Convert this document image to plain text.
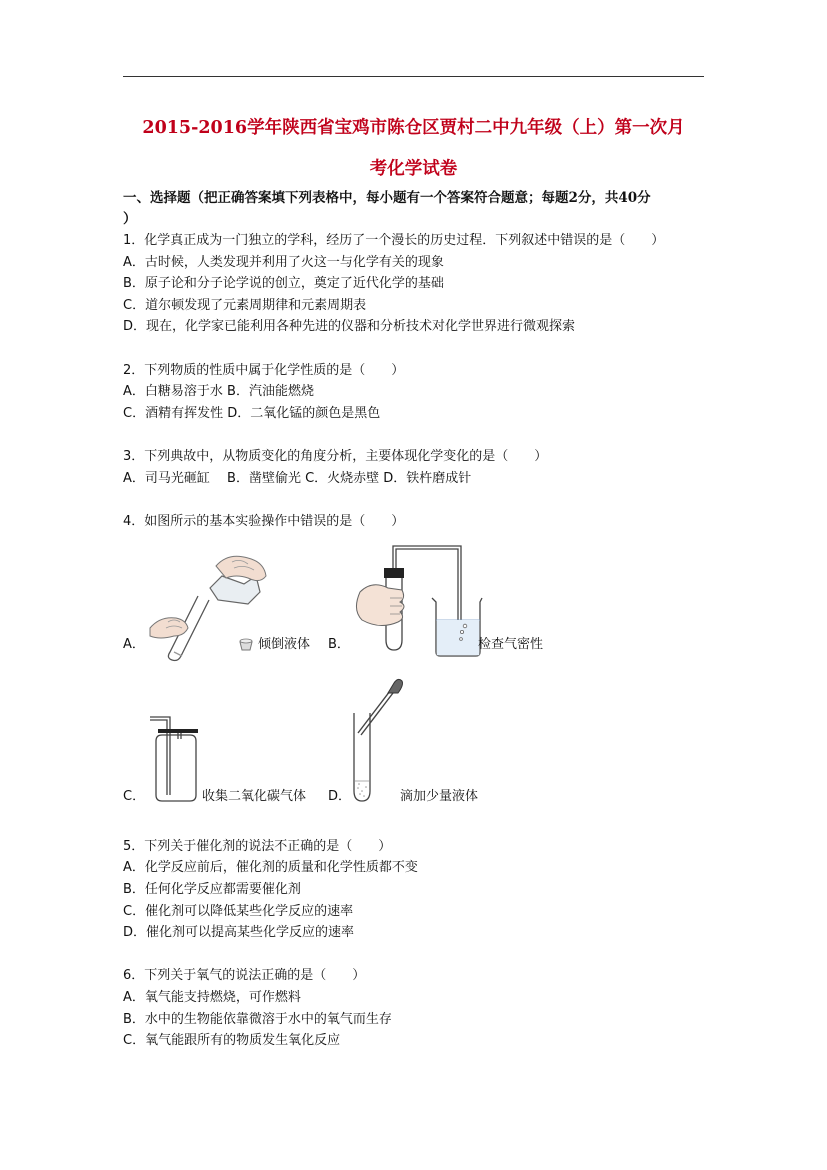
2015-2016学年陕西省宝鸡市陈仓区贾村二中九年级（上）第一次月
考化学试卷
一、选择题（把正确答案填下列表格中，每小题有一个答案符合题意；每题2分，共40分
）
1．化学真正成为一门独立的学科，经历了一个漫长的历史过程．下列叙述中错误的是（　　）
A．古时候，人类发现并利用了火这一与化学有关的现象
B．原子论和分子论学说的创立，奠定了近代化学的基础
C．道尔顿发现了元素周期律和元素周期表
D．现在，化学家已能利用各种先进的仪器和分析技术对化学世界进行微观探索
2．下列物质的性质中属于化学性质的是（　　）
A．白糖易溶于水 B．汽油能燃烧
C．酒精有挥发性 D．二氧化锰的颜色是黑色
3．下列典故中，从物质变化的角度分析，主要体现化学变化的是（　　）
A．司马光砸缸　 B．凿壁偷光 C．火烧赤壁 D．铁杵磨成针
4．如图所示的基本实验操作中错误的是（　　）
A．	倾倒液体 B．	检查气密性
C．	收集二氧化碳气体 D．	滴加少量液体
5．下列关于催化剂的说法不正确的是（　　）
A．化学反应前后，催化剂的质量和化学性质都不变
B．任何化学反应都需要催化剂
C．催化剂可以降低某些化学反应的速率
D．催化剂可以提高某些化学反应的速率
6．下列关于氧气的说法正确的是（　　）
A．氧气能支持燃烧，可作燃料
B．水中的生物能依靠微溶于水中的氧气而生存
C．氧气能跟所有的物质发生氧化反应
